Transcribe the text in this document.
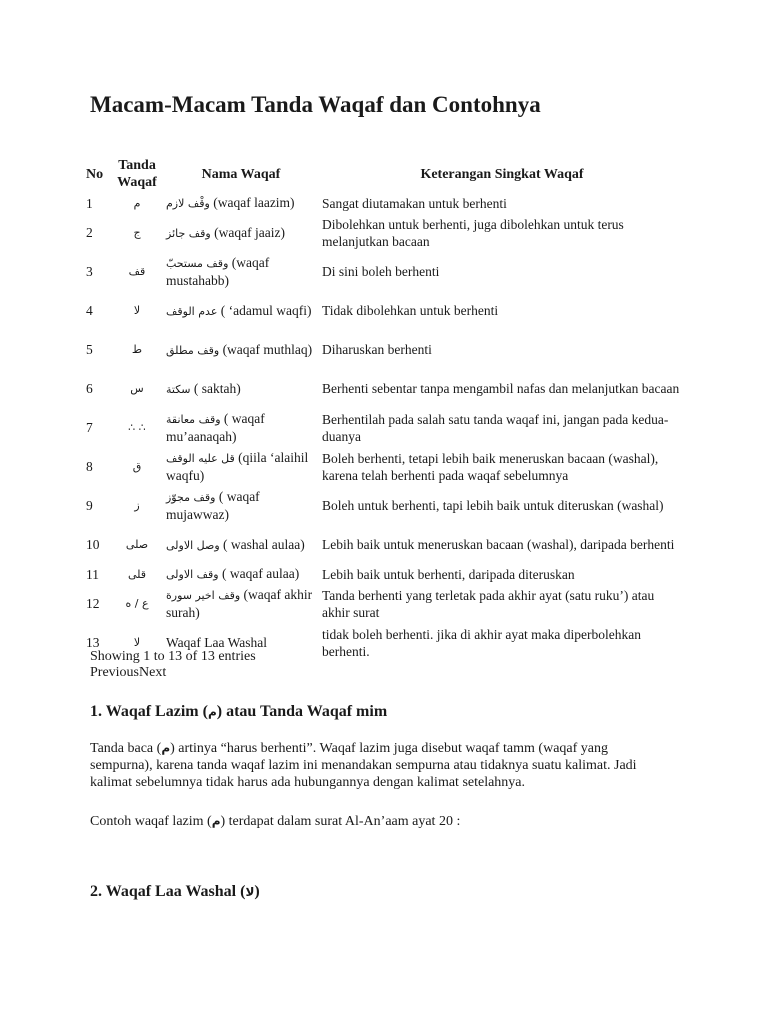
Macam-Macam Tanda Waqaf dan Contohnya
No	Tanda Waqaf	Nama Waqaf	Keterangan Singkat Waqaf
1	م	وقْف لازم (waqaf laazim)	Sangat diutamakan untuk berhenti
2	ج	وقف جائز (waqaf jaaiz)	Dibolehkan untuk berhenti, juga dibolehkan untuk terus melanjutkan bacaan
3	قف	وقف مستحبّ (waqaf mustahabb)	Di sini boleh berhenti
4	لا	عدم الوقف ( ‘adamul waqfi)	Tidak dibolehkan untuk berhenti
5	ط	وقف مطلق (waqaf muthlaq)	Diharuskan berhenti
6	س	سكتة ( saktah)	Berhenti sebentar tanpa mengambil nafas dan melanjutkan bacaan
7	∴ ∴	وقف معانقة ( waqaf mu’aanaqah)	Berhentilah pada salah satu tanda waqaf ini, jangan pada kedua-duanya
8	ق	قل عليه الوقف (qiila ‘alaihil waqfu)	Boleh berhenti, tetapi lebih baik meneruskan bacaan (washal), karena telah berhenti pada waqaf sebelumnya
9	ز	وقف مجوّز ( waqaf mujawwaz)	Boleh untuk berhenti, tapi lebih baik untuk diteruskan (washal)
10	صلى	وصل الاولى ( washal aulaa)	Lebih baik untuk meneruskan bacaan (washal), daripada berhenti
11	قلى	وقف الاولى ( waqaf aulaa)	Lebih baik untuk berhenti, daripada diteruskan
12	ع / ه	وقف اخير سورة (waqaf akhir surah)	Tanda berhenti yang terletak pada akhir ayat (satu ruku’) atau akhir surat
13	لا	Waqaf Laa Washal	tidak boleh berhenti. jika di akhir ayat maka diperbolehkan berhenti.
Showing 1 to 13 of 13 entries
PreviousNext
1. Waqaf Lazim (م) atau Tanda Waqaf mim

Tanda baca (م) artinya “harus berhenti”. Waqaf lazim juga disebut waqaf tamm (waqaf yang sempurna), karena tanda waqaf lazim ini menandakan sempurna atau tidaknya suatu kalimat. Jadi kalimat sebelumnya tidak harus ada hubungannya dengan kalimat setelahnya.

Contoh waqaf lazim (م) terdapat dalam surat Al-An’aam ayat 20 :

2. Waqaf Laa Washal (لا)
